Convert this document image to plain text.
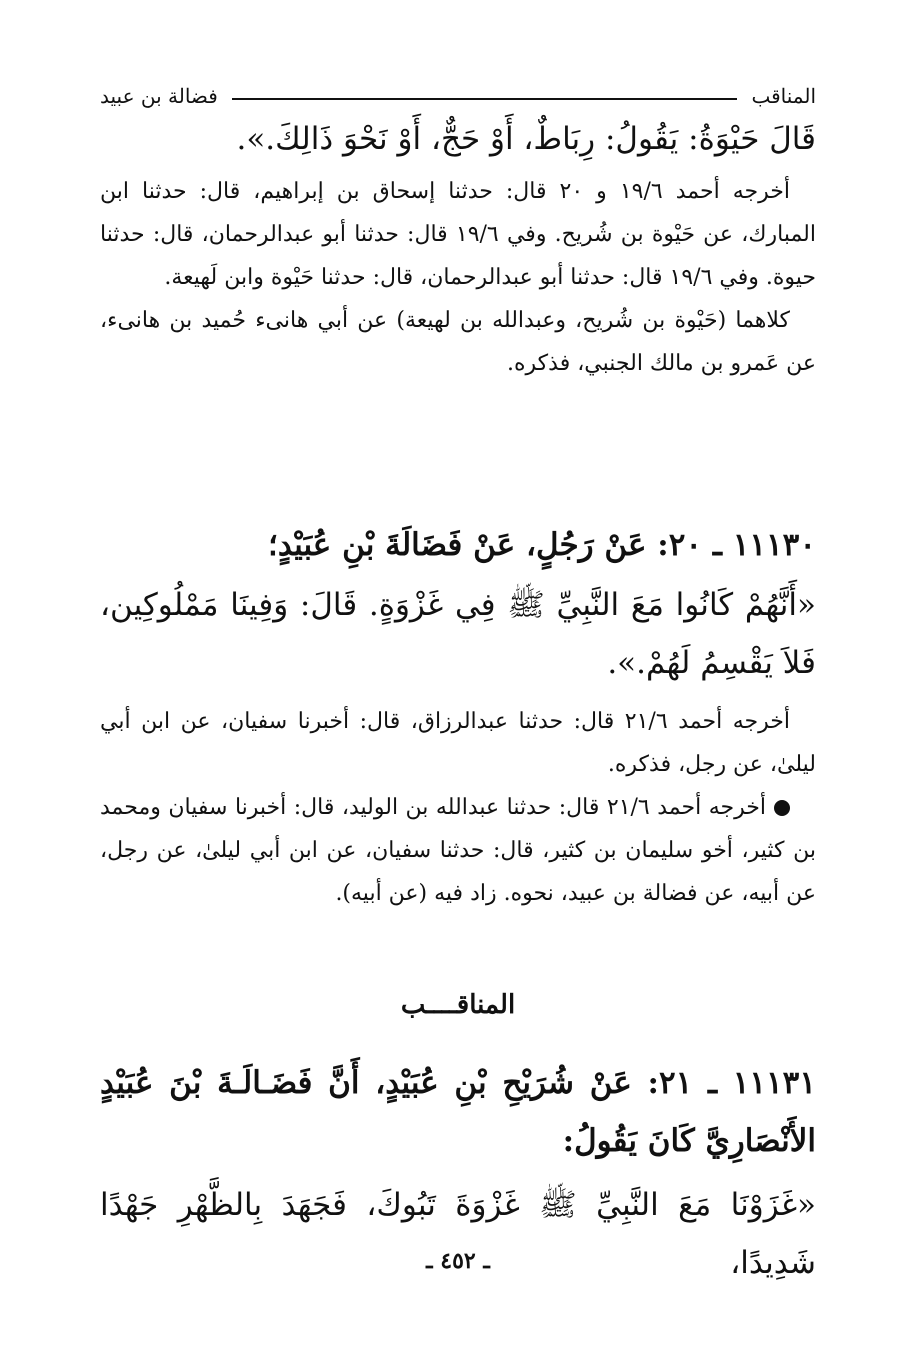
المناقب
فضالة بن عبيد
قَالَ حَيْوَةُ: يَقُولُ: رِبَاطٌ، أَوْ حَجٌّ، أَوْ نَحْوَ ذَالِكَ.».

أخرجه أحمد ١٩/٦ و ٢٠ قال: حدثنا إسحاق بن إبراهيم، قال: حدثنا ابن المبارك، عن حَيْوة بن شُريح. وفي ١٩/٦ قال: حدثنا أبو عبدالرحمان، قال: حدثنا حيوة. وفي ١٩/٦ قال: حدثنا أبو عبدالرحمان، قال: حدثنا حَيْوة وابن لَهيعة.

كلاهما (حَيْوة بن شُريح، وعبدالله بن لهيعة) عن أبي هانىء حُميد بن هانىء، عن عَمرو بن مالك الجنبي، فذكره.

١١١٣٠ ـ ٢٠: عَنْ رَجُلٍ، عَنْ فَضَالَةَ بْنِ عُبَيْدٍ؛
«أَنَّهُمْ كَانُوا مَعَ النَّبِيِّ ﷺ فِي غَزْوَةٍ. قَالَ: وَفِينَا مَمْلُوكِين، فَلاَ يَقْسِمُ لَهُمْ.».

أخرجه أحمد ٢١/٦ قال: حدثنا عبدالرزاق، قال: أخبرنا سفيان، عن ابن أبي ليلىٰ، عن رجل، فذكره.

أخرجه أحمد ٢١/٦ قال: حدثنا عبدالله بن الوليد، قال: أخبرنا سفيان ومحمد بن كثير، أخو سليمان بن كثير، قال: حدثنا سفيان، عن ابن أبي ليلىٰ، عن رجل، عن أبيه، عن فضالة بن عبيد، نحوه. زاد فيه (عن أبيه).

المناقــــب
١١١٣١ ـ ٢١: عَنْ شُرَيْحِ بْنِ عُبَيْدٍ، أَنَّ فَضَـالَـةَ بْنَ عُبَيْدٍ الأَنْصَارِيَّ كَانَ يَقُولُ:
«غَزَوْنَا مَعَ النَّبِيِّ ﷺ غَزْوَةَ تَبُوكَ، فَجَهَدَ بِالظَّهْرِ جَهْدًا شَدِيدًا،
ـ ٤٥٢ ـ
